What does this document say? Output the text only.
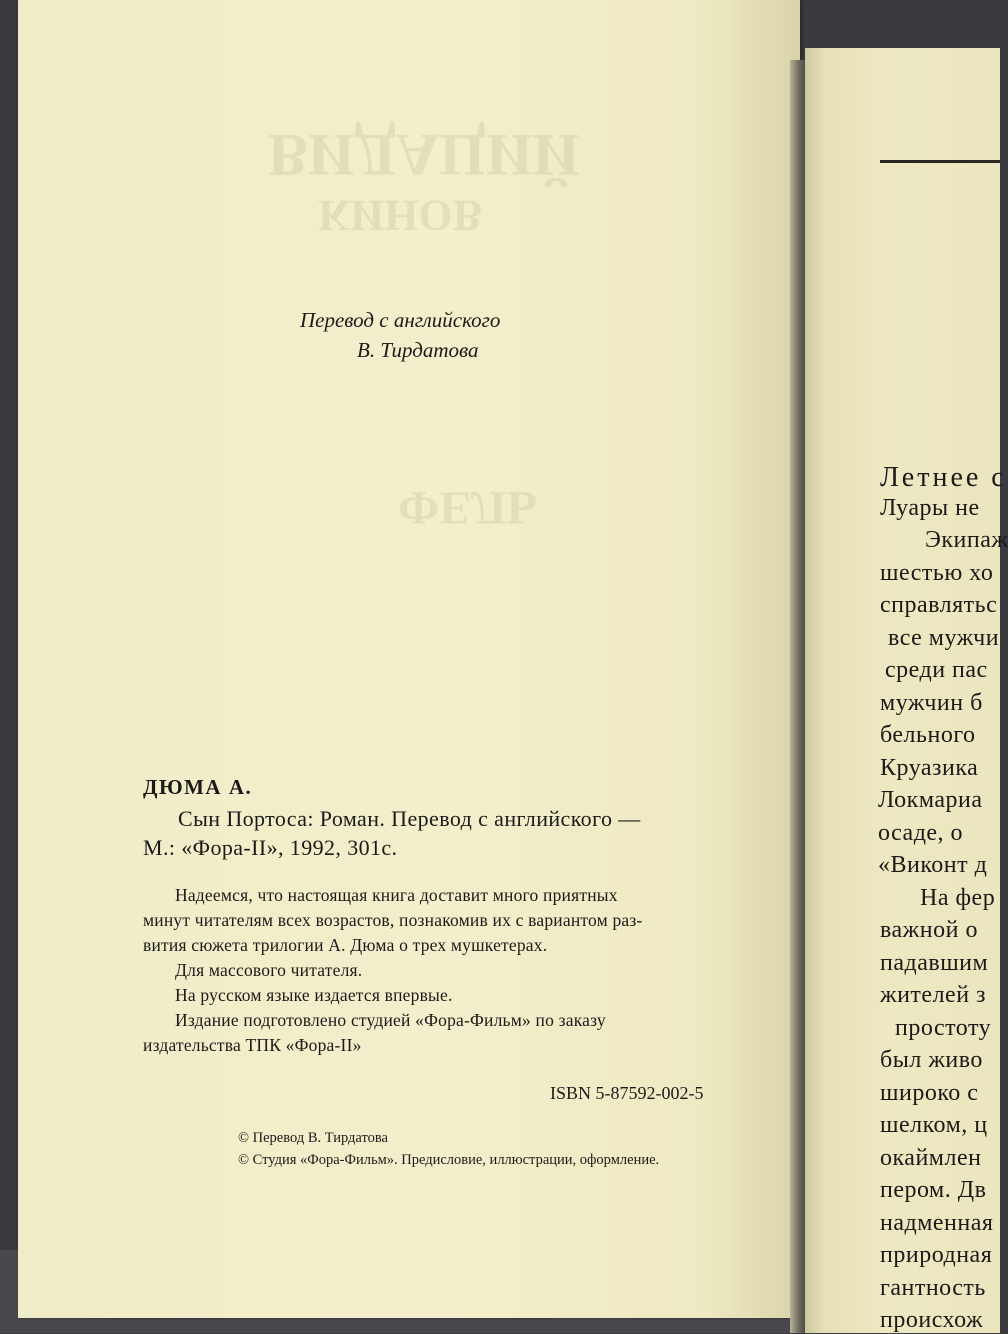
ВИДАЦИЙ
КИНОВ
ФЕЛЬ
Перевод с английского
В. Тирдатова
ДЮМА А.
Сын Портоса: Роман. Перевод с английского —
М.: «Фора-II», 1992, 301с.
Надеемся, что настоящая книга доставит много приятных
минут читателям всех возрастов, познакомив их с вариантом раз-
вития сюжета трилогии А. Дюма о трех мушкетерах.
Для массового читателя.
На русском языке издается впервые.
Издание подготовлено студией «Фора-Фильм» по заказу
издательства ТПК «Фора-II»
ISBN 5-87592-002-5
© Перевод В. Тирдатова
© Студия «Фора-Фильм». Предисловие, иллюстрации, оформление.
Летнее с
Луары не
Экипаж
шестью хо
справлятьс
все мужчи
среди пас
мужчин б
бельного
Круазика
Локмариа
осаде, о
«Виконт д
На фер
важной о
падавшим
жителей з
простоту
был живо
широко с
шелком, ц
окаймлен
пером. Дв
надменная
природная
гантность
происхож
